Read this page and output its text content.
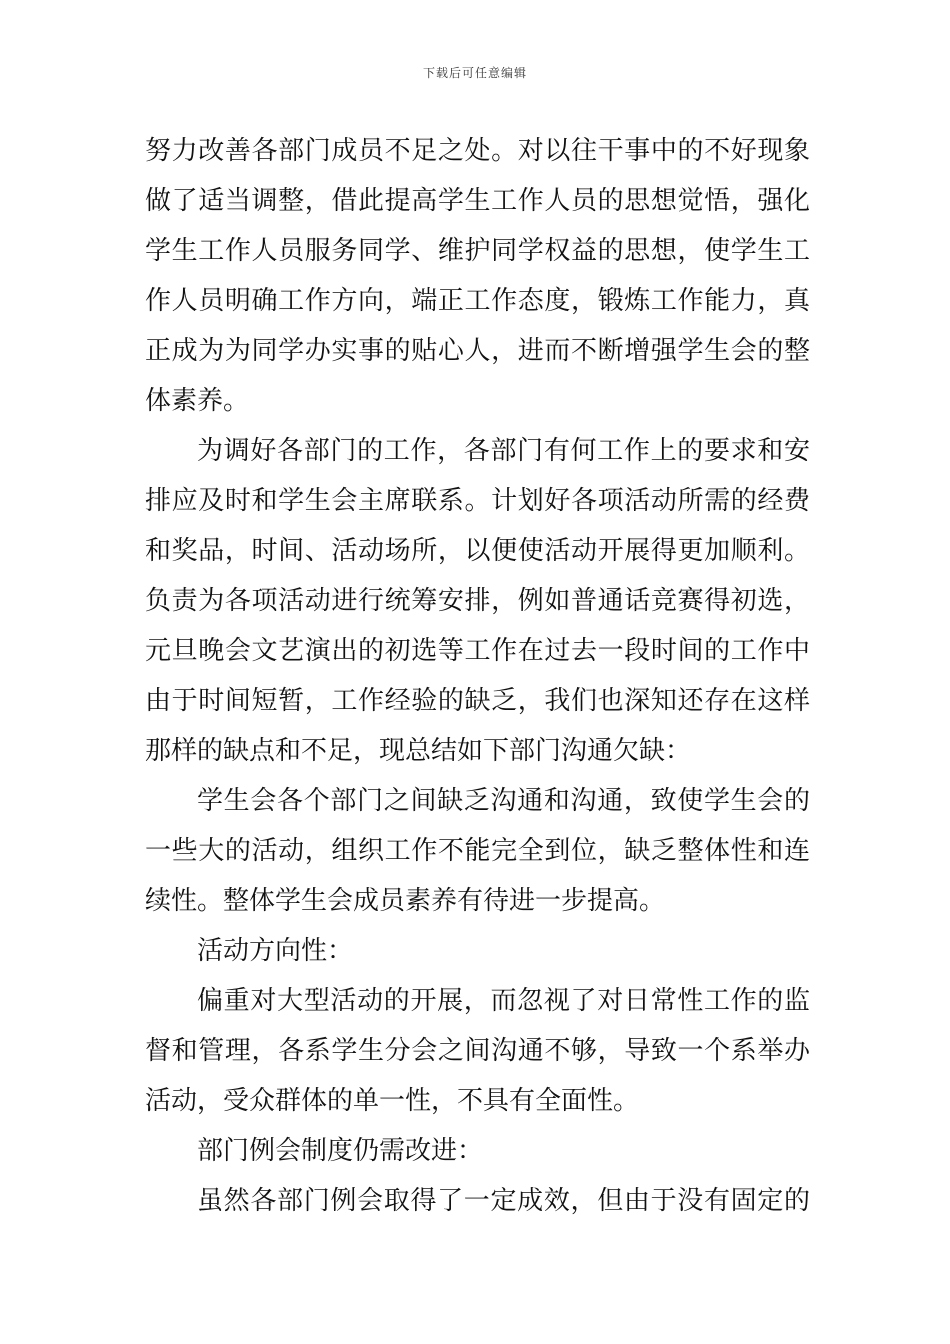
下载后可任意编辑
努力改善各部门成员不足之处。对以往干事中的不好现象
做了适当调整，借此提高学生工作人员的思想觉悟，强化
学生工作人员服务同学、维护同学权益的思想，使学生工
作人员明确工作方向，端正工作态度，锻炼工作能力，真
正成为为同学办实事的贴心人，进而不断增强学生会的整
体素养。
为调好各部门的工作，各部门有何工作上的要求和安
排应及时和学生会主席联系。计划好各项活动所需的经费
和奖品，时间、活动场所，以便使活动开展得更加顺利。
负责为各项活动进行统筹安排，例如普通话竞赛得初选，
元旦晚会文艺演出的初选等工作在过去一段时间的工作中
由于时间短暂，工作经验的缺乏，我们也深知还存在这样
那样的缺点和不足，现总结如下部门沟通欠缺：
学生会各个部门之间缺乏沟通和沟通，致使学生会的
一些大的活动，组织工作不能完全到位，缺乏整体性和连
续性。整体学生会成员素养有待进一步提高。
活动方向性：
偏重对大型活动的开展，而忽视了对日常性工作的监
督和管理，各系学生分会之间沟通不够，导致一个系举办
活动，受众群体的单一性，不具有全面性。
部门例会制度仍需改进：
虽然各部门例会取得了一定成效，但由于没有固定的
